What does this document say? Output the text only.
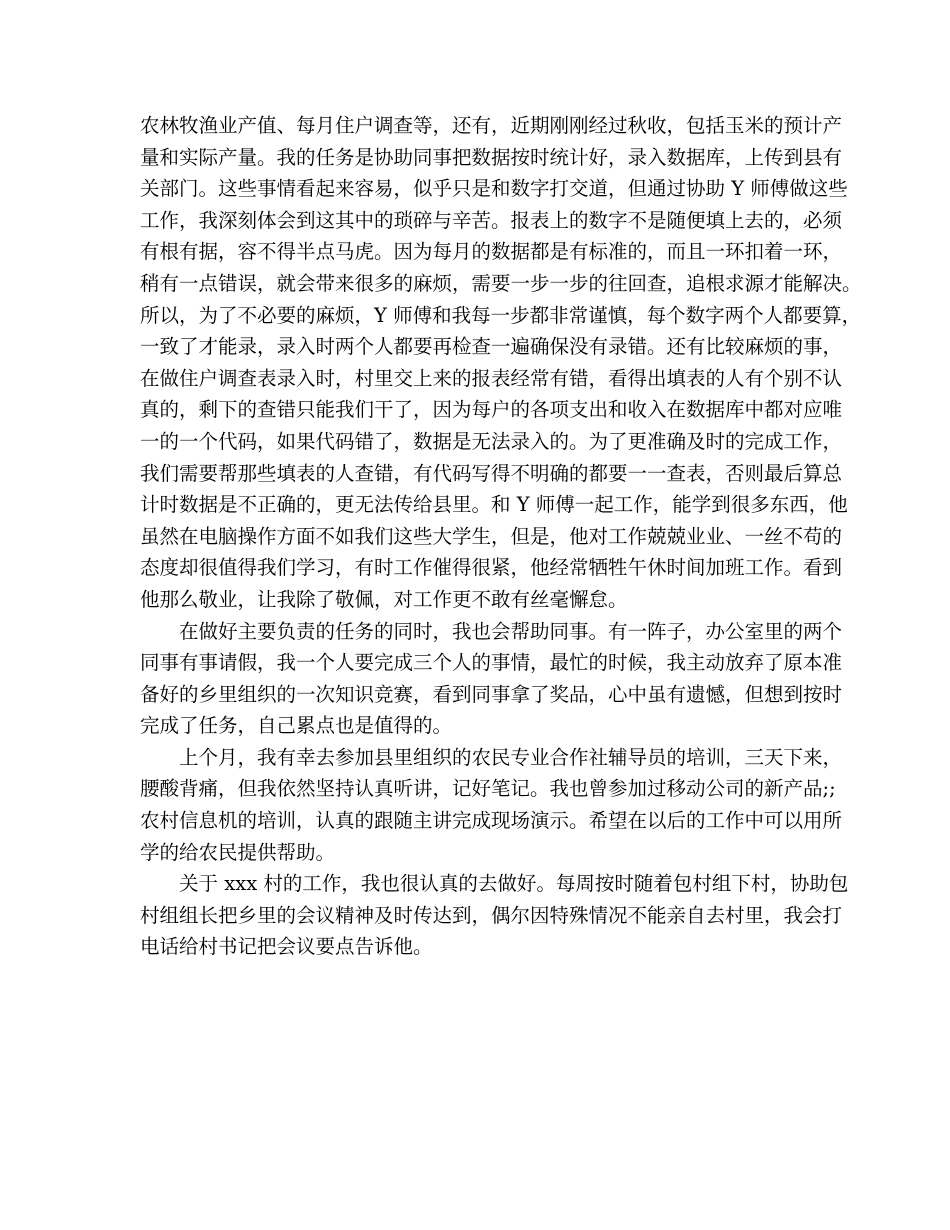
农林牧渔业产值、每月住户调查等，还有，近期刚刚经过秋收，包括玉米的预计产
量和实际产量。我的任务是协助同事把数据按时统计好，录入数据库，上传到县有
关部门。这些事情看起来容易，似乎只是和数字打交道，但通过协助 Y 师傅做这些
工作，我深刻体会到这其中的琐碎与辛苦。报表上的数字不是随便填上去的，必须
有根有据，容不得半点马虎。因为每月的数据都是有标准的，而且一环扣着一环，
稍有一点错误，就会带来很多的麻烦，需要一步一步的往回查，追根求源才能解决。
所以，为了不必要的麻烦，Y 师傅和我每一步都非常谨慎，每个数字两个人都要算，
一致了才能录，录入时两个人都要再检查一遍确保没有录错。还有比较麻烦的事，
在做住户调查表录入时，村里交上来的报表经常有错，看得出填表的人有个别不认
真的，剩下的查错只能我们干了，因为每户的各项支出和收入在数据库中都对应唯
一的一个代码，如果代码错了，数据是无法录入的。为了更准确及时的完成工作，
我们需要帮那些填表的人查错，有代码写得不明确的都要一一查表，否则最后算总
计时数据是不正确的，更无法传给县里。和 Y 师傅一起工作，能学到很多东西，他
虽然在电脑操作方面不如我们这些大学生，但是，他对工作兢兢业业、一丝不苟的
态度却很值得我们学习，有时工作催得很紧，他经常牺牲午休时间加班工作。看到
他那么敬业，让我除了敬佩，对工作更不敢有丝毫懈怠。
　　在做好主要负责的任务的同时，我也会帮助同事。有一阵子，办公室里的两个
同事有事请假，我一个人要完成三个人的事情，最忙的时候，我主动放弃了原本准
备好的乡里组织的一次知识竞赛，看到同事拿了奖品，心中虽有遗憾，但想到按时
完成了任务，自己累点也是值得的。
　　上个月，我有幸去参加县里组织的农民专业合作社辅导员的培训，三天下来，
腰酸背痛，但我依然坚持认真听讲，记好笔记。我也曾参加过移动公司的新产品;;
农村信息机的培训，认真的跟随主讲完成现场演示。希望在以后的工作中可以用所
学的给农民提供帮助。
　　关于 xxx 村的工作，我也很认真的去做好。每周按时随着包村组下村，协助包
村组组长把乡里的会议精神及时传达到，偶尔因特殊情况不能亲自去村里，我会打
电话给村书记把会议要点告诉他。
